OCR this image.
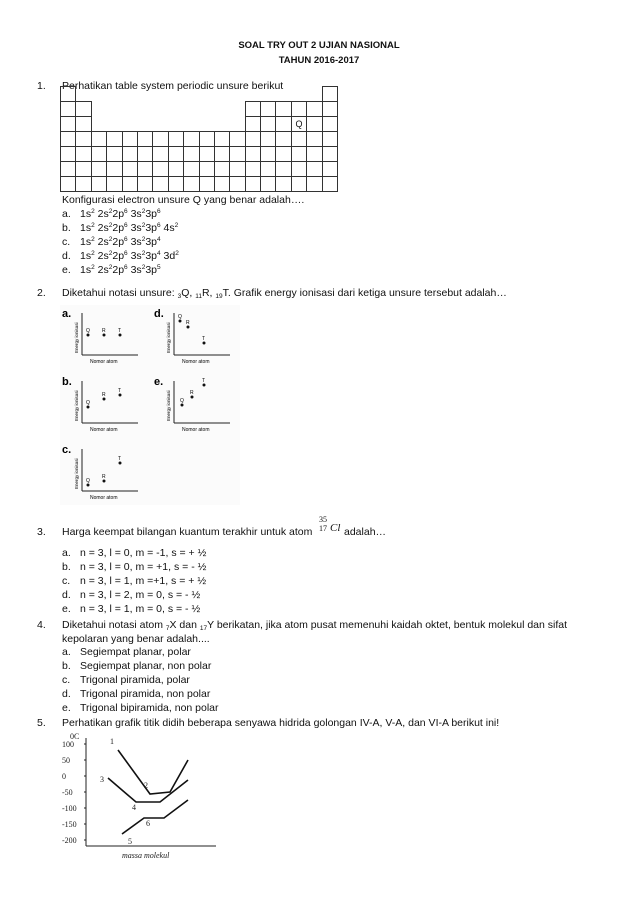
SOAL TRY OUT 2 UJIAN NASIONAL
TAHUN 2016-2017
1. Perhatikan table system periodic unsure berikut

															Q		

Konfigurasi electron unsure Q yang benar adalah….
a. $1s^2$ $2s^22p^6$ $3s^23p^6$
b. $1s^2$ $2s^22p^6$ $3s^23p^6$ $4s^2$
c. $1s^2$ $2s^22p^6$ $3s^23p^4$
d. $1s^2$ $2s^22p^6$ $3s^23p^4$ $3d^2$
e. $1s^2$ $2s^22p^6$ $3s^23p^5$
2. Diketahui notasi unsure: $_3$Q, $_{11}$R, $_{19}$T. Grafik energy ionisasi dari ketiga unsure tersebut adalah…
a.
Energy ionisasi
Nomor atom
Q R T
b.
Energy ionisasi
Nomor atom
Q
R
T
c.
Energy ionisasi
Nomor atom
R
Q
T
d.
Energy ionisasi
Nomor atom
Q
R
T
e.
Energy ionisasi
Nomor atom
Q
R
T
3. Harga keempat bilangan kuantum terakhir untuk atom
35
17 Cl adalah…
a. n = 3, l = 0, m = -1, s = + ½
b. n = 3, l = 0, m = +1, s = - ½
c. n = 3, l = 1, m =+1, s = + ½
d. n = 3, l = 2, m = 0, s = - ½
e. n = 3, l = 1, m = 0, s = - ½
4. Diketahui notasi atom $_7$X dan $_{17}$Y berikatan, jika atom pusat memenuhi kaidah oktet, bentuk molekul dan sifat
kepolaran yang benar adalah....
a. Segiempat planar, polar
b. Segiempat planar, non polar
c. Trigonal piramida, polar
d. Trigonal piramida, non polar
e. Trigonal bipiramida, non polar
5. Perhatikan grafik titik didih beberapa senyawa hidrida golongan IV-A, V-A, dan VI-A berikut ini!
0C
100
50
0
-50
-100
-150
-200
massa molekul
1
2
3
4
5
6
